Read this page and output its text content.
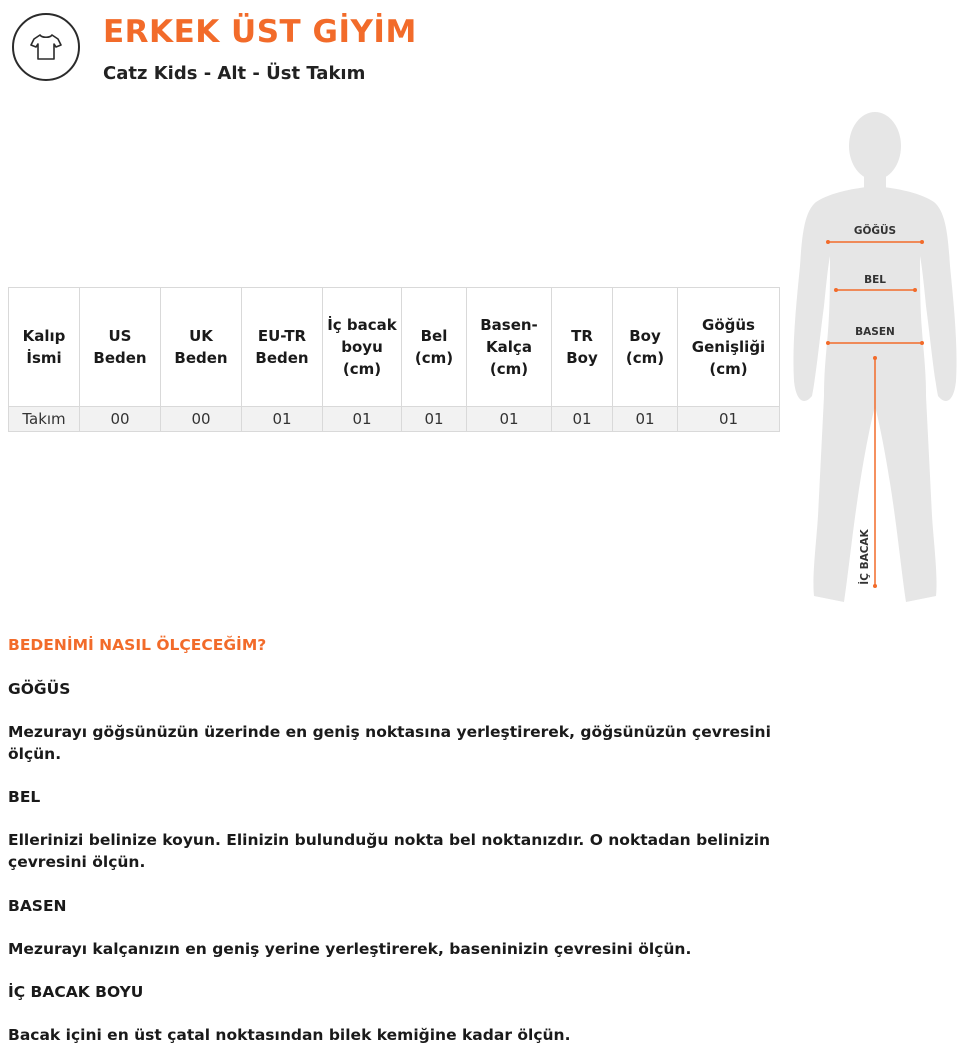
ERKEK ÜST GİYİM
Catz Kids - Alt - Üst Takım
Kalıp İsmi	US Beden	UK Beden	EU-TR Beden	İç bacak boyu (cm)	Bel (cm)	Basen-Kalça (cm)	TR Boy	Boy (cm)	Göğüs Genişliği (cm)
Takım	00	00	01	01	01	01	01	01	01
GÖĞÜS
BEL
BASEN
İÇ BACAK

BEDENİMİ NASIL ÖLÇECEĞİM?

GÖĞÜS

Mezurayı göğsünüzün üzerinde en geniş noktasına yerleştirerek, göğsünüzün çevresini ölçün.

BEL

Ellerinizi belinize koyun. Elinizin bulunduğu nokta bel noktanızdır. O noktadan belinizin çevresini ölçün.

BASEN

Mezurayı kalçanızın en geniş yerine yerleştirerek, baseninizin çevresini ölçün.

İÇ BACAK BOYU

Bacak içini en üst çatal noktasından bilek kemiğine kadar ölçün.
